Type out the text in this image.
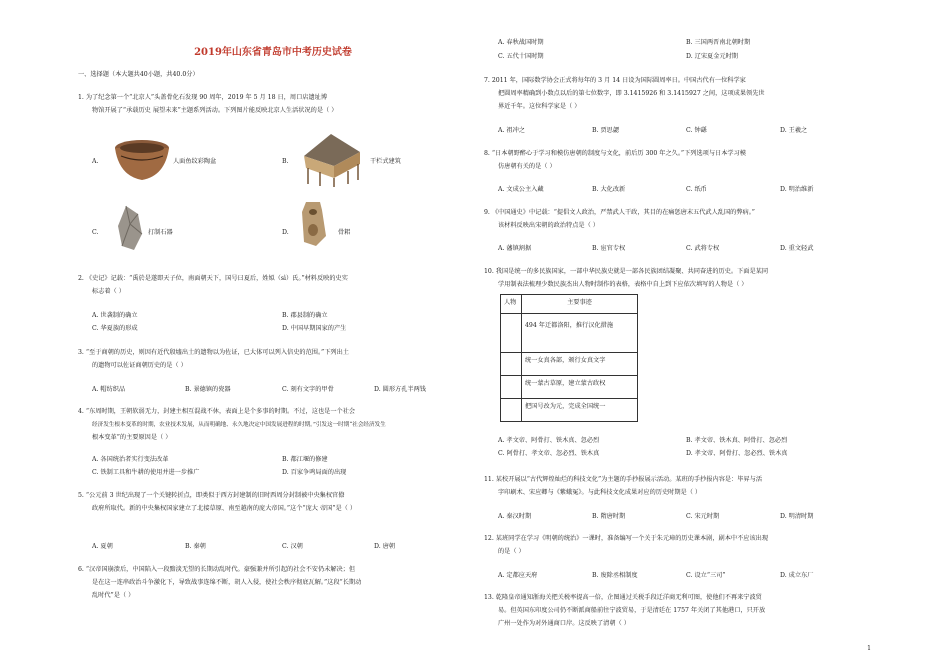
2019年山东省青岛市中考历史试卷
一、选择题（本大题共40小题，共40.0分）
1. 为了纪念第一个“北京人”头盖骨化石发现 90 周年，2019 年 5 月 18 日，周口店遗址博
物馆开展了“承载历史 展望未来”主题系列活动。下列图片能反映北京人生活状况的是（ ）
A.	人面鱼纹彩陶盆	B.	干栏式建筑
C.	打制石器	D.	骨耜
2. 《史记》记载：“禹於是遂即天子位，南面朝天下，国号曰夏后，姓姒（sì）氏。”材料反映的史实
标志着（ ）
A. 世袭制的确立	B. 郡县制的确立
C. 华夏族的形成	D. 中国早期国家的产生
3. “至于商朝的历史，则因有近代殷墟出土的遗物以为佐证，已大体可以列入信史的范围。”下列出土
的遗物可以佐证商朝历史的是（ ）
A. 帽纺织品	B. 景德镇的瓷器	C. 刻有文字的甲骨	D. 圆形方孔半两钱
4. “东周时期，王朝软弱无力，封建主相互混战不休，表面上是个多事的时期。不过，这也是一个社会
经济发生根本变革的时期，农业技术发展，从而明确地、永久地决定中国发展进程的时期。”引发这一时期“社会经济发生
根本变革”的主要原因是（ ）
A. 各国统治者实行变法改革	B. 都江堰的修建
C. 铁制工具和牛耕的使用并进一步推广	D. 百家争鸣局面的出现
5. “公元前 3 世纪出现了一个关键转折点，即类似于西方封建制的旧时西周分封制被中央集权官僚
政府所取代。新的中央集权国家建立了北接草原、南至越南的庞大帝国。”这个“庞大 帝国”是（ ）
A. 夏朝	B. 秦朝	C. 汉朝	D. 唐朝
6. “汉帝国崩溃后，中国陷入一段黯淡无望的长期动乱时代。豪强兼并所引起的社会不安仍未解决；但
是在这一连串政治斗争激化下，导致战事连绵不断，胡人入侵，使社会秩序彻底瓦解。”这段“长期动
乱时代”是（ ）
A. 春秋战国时期	B. 三国两晋南北朝时期
C. 五代十国时期	D. 辽宋夏金元时期
7. 2011 年，国际数学协会正式将每年的 3 月 14 日设为国际圆周率日。中国古代有一位科学家
把圆周率精确到小数点以后的第七位数字，即 3.1415926 和 3.1415927 之间，这项成果领先世
界近千年。这位科学家是（ ）
A. 祖冲之	B. 贾思勰	C. 钟繇	D. 王羲之
8. “日本朝野醉心于学习和模仿唐朝的制度与文化，前后历 300 年之久。”下列选项与日本学习模
仿唐朝有关的是（ ）
A. 文成公主入藏	B. 大化改新	C. 纸币	D. 明治维新
9. 《中国通史》中记载：“提倡文人政治，严禁武人干政，其目的在痛惩唐末五代武人乱国的弊病。”
该材料反映出宋朝的政治特点是（ ）
A. 藩镇割据	B. 宦官专权	C. 武将专权	D. 重文轻武
10. 我国是统一的多民族国家，一部中华民族史就是一部各民族团结凝聚、共同奋进的历史。下面是某同
学用制表法梳理少数民族杰出人物时制作的表格，表格中自上到下应依次填写的人物是（ ）
人物	主要事迹
	494 年迁都洛阳，推行汉化措施
	统一女真各部，颁行女真文字
	统一蒙古草原，建立蒙古政权
	把国号改为元，完成全国统一
A. 孝文帝、阿骨打、铁木真、忽必烈	B. 孝文帝、铁木真、阿骨打、忽必烈
C. 阿骨打、孝文帝、忽必烈、铁木真	D. 孝文帝、阿骨打、忽必烈、铁木真
11. 某校开展以“古代辉煌灿烂的科技文化”为主题的手抄报展示活动。某班的手抄报内容是：毕昇与活
字印刷术、宋应卿与《紫蛾冤》。与此科技文化成果对应的历史时期是（ ）
A. 秦汉时期	B. 隋唐时期	C. 宋元时期	D. 明清时期
12. 某班同学在学习《明朝的统治》一课时，准备编写一个关于朱元璋的历史课本剧，剧本中不应该出现
的是（ ）
A. 定都应天府	B. 废除丞相制度	C. 设立“三司”	D. 成立东厂
13. 乾隆皇帝通知浙海关把关税率提高一倍，企图通过关税手段迁洋商无利可图，使他们不再来宁波贸
易。但英国东印度公司仍不断派商船前往宁波贸易，于是清廷在 1757 年关闭了其他港口，只开放
广州一处作为对外通商口岸。这反映了清朝（ ）
1
